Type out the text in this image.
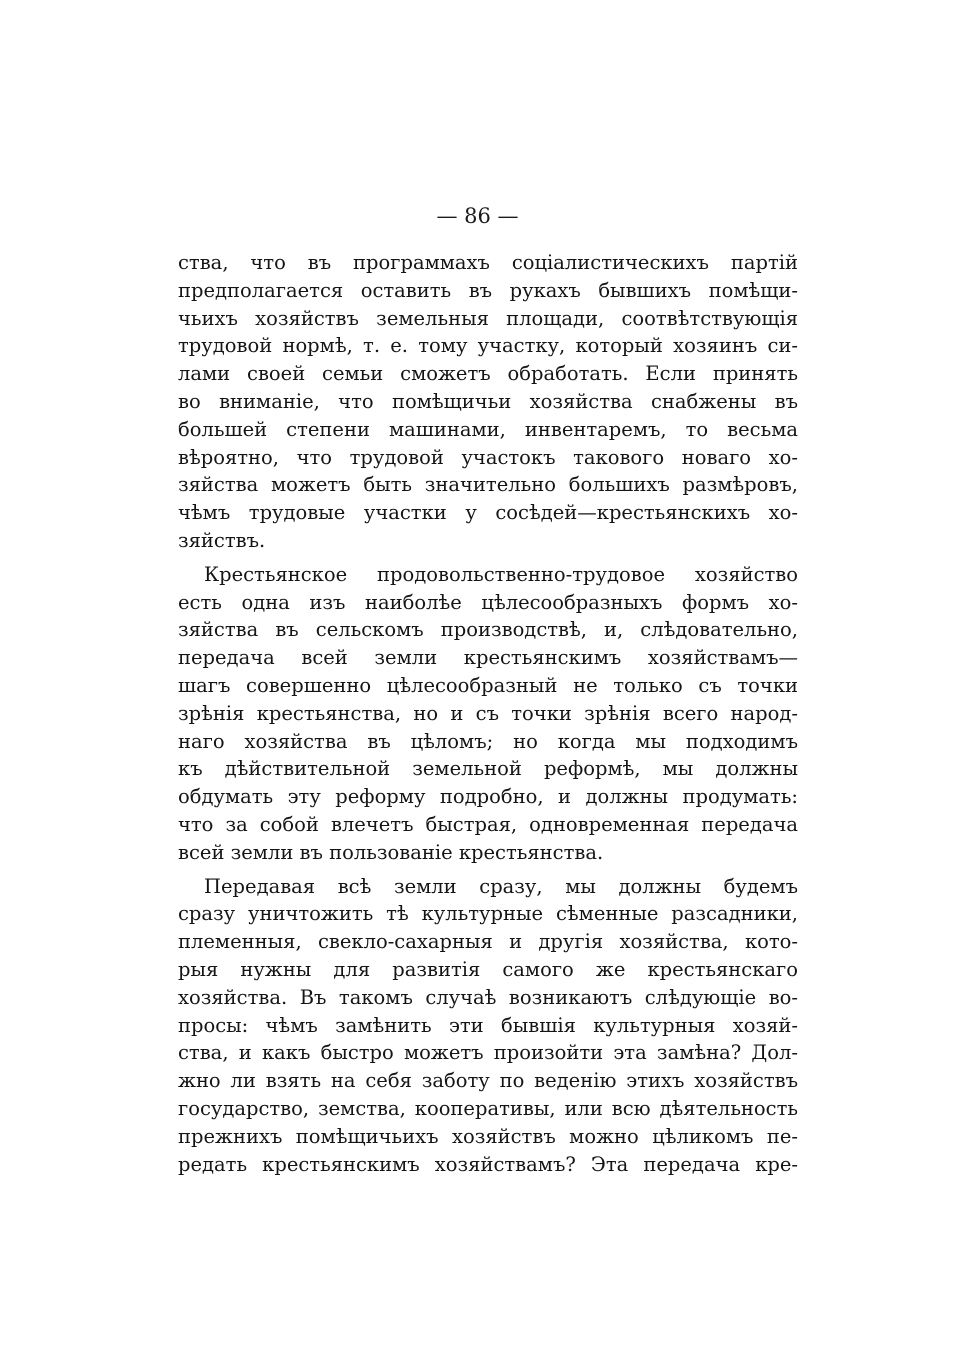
— 86 —

ства, что въ программахъ соціалистическихъ партій
предполагается оставить въ рукахъ бывшихъ помѣщи-
чьихъ хозяйствъ земельныя площади, соотвѣтствующія
трудовой нормѣ, т. е. тому участку, который хозяинъ си-
лами своей семьи сможетъ обработать. Если принять
во вниманіе, что помѣщичьи хозяйства снабжены въ
большей степени машинами, инвентаремъ, то весьма
вѣроятно, что трудовой участокъ такового новаго хо-
зяйства можетъ быть значительно большихъ размѣровъ,
чѣмъ трудовые участки у сосѣдей—крестьянскихъ хо-
зяйствъ.
Крестьянское продовольственно-трудовое хозяйство
есть одна изъ наиболѣе цѣлесообразныхъ формъ хо-
зяйства въ сельскомъ производствѣ, и, слѣдовательно,
передача всей земли крестьянскимъ хозяйствамъ—
шагъ совершенно цѣлесообразный не только съ точки
зрѣнія крестьянства, но и съ точки зрѣнія всего народ-
наго хозяйства въ цѣломъ; но когда мы подходимъ
къ дѣйствительной земельной реформѣ, мы должны
обдумать эту реформу подробно, и должны продумать:
что за собой влечетъ быстрая, одновременная передача
всей земли въ пользованіе крестьянства.
Передавая всѣ земли сразу, мы должны будемъ
сразу уничтожить тѣ культурные сѣменные разсадники,
племенныя, свекло-сахарныя и другія хозяйства, кото-
рыя нужны для развитія самого же крестьянскаго
хозяйства. Въ такомъ случаѣ возникаютъ слѣдующіе во-
просы: чѣмъ замѣнить эти бывшія культурныя хозяй-
ства, и какъ быстро можетъ произойти эта замѣна? Дол-
жно ли взять на себя заботу по веденію этихъ хозяйствъ
государство, земства, кооперативы, или всю дѣятельность
прежнихъ помѣщичьихъ хозяйствъ можно цѣликомъ пе-
редать крестьянскимъ хозяйствамъ? Эта передача кре-
